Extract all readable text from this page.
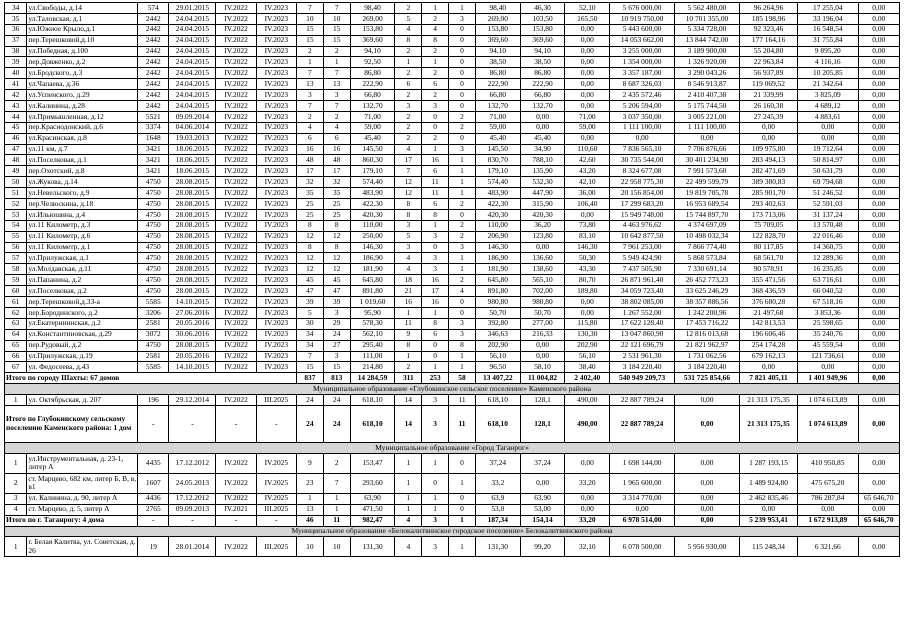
34	ул.Свободы, д.14	574	29.01.2015	IV.2022	IV.2023	7	7	98,40	2	1	1	98,40	46,30	52,10	5 676 000,00	5 562 480,00	96 264,96	17 255,04	0,00
35	ул.Таловская, д.1	2442	24.04.2015	IV.2022	IV.2023	10	10	269,00	5	2	3	269,00	103,50	165,50	10 919 750,00	10 701 355,00	185 198,96	33 196,04	0,00
36	ул.Южное Крыло,д.1	2442	24.04.2015	IV.2022	IV.2023	15	15	153,80	4	4	0	153,80	153,80	0,00	5 443 600,00	5 334 728,00	92 323,46	16 548,54	0,00
37	пер.Терешковой,д.10	2442	24.04.2015	IV.2022	IV.2023	15	15	369,60	8	8	0	369,60	369,60	0,00	14 053 662,00	13 844 742,00	177 164,16	31 755,84	0,00
38	ул.Победная, д.100	2442	24.04.2015	IV.2022	IV.2023	2	2	94,10	2	2	0	94,10	94,10	0,00	3 255 000,00	3 189 900,00	55 204,80	9 895,20	0,00
39	пер.Довженко, д.2	2442	24.04.2015	IV.2022	IV.2023	1	1	92,50	1	1	0	38,50	38,50	0,00	1 354 000,00	1 326 920,00	22 963,84	4 116,16	0,00
40	ул.Бродского, д.3	2442	24.04.2015	IV.2022	IV.2023	7	7	86,80	2	2	0	86,80	86,80	0,00	3 357 187,00	3 290 043,26	56 937,89	10 205,85	0,00
41	ул.Чапаева, д.36	2442	24.04.2015	IV.2022	IV.2023	13	13	222,90	6	6	0	222,90	222,90	0,00	8 687 326,03	8 546 913,87	119 069,52	21 342,64	0,00
42	ул.Успенского, д.29	2442	24.04.2015	IV.2022	IV.2023	3	3	66,80	2	2	0	66,80	66,80	0,00	2 435 572,46	2 410 407,38	21 339,99	3 825,09	0,00
43	ул.Калинина, д.28	2442	24.04.2015	IV.2022	IV.2023	7	7	132,70	3	3	0	132,70	132,70	0,00	5 206 594,00	5 175 744,50	26 160,38	4 689,12	0,00
44	ул.Примышленная, д.12	5521	09.09.2014	IV.2022	IV.2023	2	2	71,00	2	0	2	71,00	0,00	71,00	3 037 350,00	3 005 221,00	27 245,39	4 883,61	0,00
45	пер.Краснодонский, д.6	3374	04.06.2014	IV.2022	IV.2023	4	4	59,00	2	0	2	59,00	0,00	59,00	1 111 100,00	1 111 100,00	0,00	0,00	0,00
46	ул.Красинская, д.8	1648	19.03.2013	IV.2022	IV.2023	6	6	45,40	2	2	0	45,40	45,40	0,00	0,00	0,00	0,00	0,00	0,00
47	ул.11 км, д.7	3421	18.06.2015	IV.2022	IV.2023	16	16	145,50	4	1	3	145,50	34,90	110,60	7 836 565,10	7 706 876,66	109 975,80	19 712,64	0,00
48	ул.Поселковая, д.1	3421	18.06.2015	IV.2022	IV.2023	48	48	860,30	17	16	1	830,70	788,10	42,60	30 735 544,00	30 401 234,90	283 494,13	50 814,97	0,00
49	пер.Охотский, д.8	3421	18.06.2015	IV.2022	IV.2023	17	17	179,10	7	6	1	179,10	135,90	43,20	8 324 677,08	7 991 573,60	282 471,69	50 631,79	0,00
50	ул.Жукова, д.14	4750	28.08.2015	IV.2022	IV.2023	32	32	574,40	12	11	1	574,40	532,30	42,10	22 958 775,30	22 499 599,79	389 380,83	69 794,68	0,00
51	ул.Невельского, д.9	4750	28.08.2015	IV.2022	IV.2023	35	35	483,90	12	11	1	483,90	447,90	36,00	20 156 854,00	19 819 705,78	285 901,70	51 246,52	0,00
52	пер.Челюскина, д.18	4750	28.08.2015	IV.2022	IV.2023	25	25	422,30	8	6	2	422,30	315,90	106,40	17 299 683,20	16 953 689,54	293 402,63	52 591,03	0,00
53	ул.Ильюшина, д.4	4750	28.08.2015	IV.2022	IV.2023	25	25	420,30	8	8	0	420,30	420,30	0,00	15 949 748,00	15 744 897,70	173 713,06	31 137,24	0,00
54	ул.11 Километр, д.3	4750	28.08.2015	IV.2022	IV.2023	8	8	110,00	3	1	2	110,00	36,20	73,80	4 463 976,62	4 374 697,09	75 709,05	13 570,48	0,00
55	ул.11 Километр, д.6	4750	28.08.2015	IV.2022	IV.2023	12	12	250,00	5	3	2	206,90	123,80	83,10	10 642 877,50	10 498 032,34	122 828,70	22 016,46	0,00
56	ул.11 Километр, д.1	4750	28.08.2015	IV.2022	IV.2023	8	8	146,30	3	0	3	146,30	0,00	146,30	7 961 253,00	7 866 774,40	80 117,85	14 360,75	0,00
57	ул.Прилужская, д.1	4750	28.08.2015	IV.2022	IV.2023	12	12	186,90	4	3	1	186,90	136,60	50,30	5 949 424,90	5 868 573,84	68 561,70	12 289,36	0,00
58	ул.Молдавская, д.11	4750	28.08.2015	IV.2022	IV.2023	12	12	181,90	4	3	1	181,90	138,60	43,30	7 437 505,90	7 330 691,14	90 578,91	16 235,85	0,00
59	ул.Папанина, д.2	4750	28.08.2015	IV.2022	IV.2023	45	45	645,80	18	16	2	645,80	565,10	80,70	26 871 961,40	26 452 773,23	355 471,56	63 716,61	0,00
60	ул.Поселковая, д.2	4750	28.08.2015	IV.2022	IV.2023	47	47	891,80	21	17	4	891,80	702,00	189,80	34 059 723,40	33 625 246,29	368 436,59	66 040,52	0,00
61	пер.Терешковой,д.33-а	5585	14.10.2015	IV.2022	IV.2023	39	39	1 019,60	16	16	0	980,80	980,80	0,00	38 802 085,00	38 357 886,56	376 680,28	67 518,16	0,00
62	пер.Бородинского, д.2	3206	27.06.2016	IV.2022	IV.2023	5	3	95,90	1	1	0	50,70	50,70	0,00	1 267 552,00	1 242 200,96	21 497,68	3 853,36	0,00
63	ул.Екатерининская, д.2	2581	20.05.2016	IV.2022	IV.2023	30	29	578,30	11	8	3	392,80	277,00	115,80	17 622 128,40	17 453 716,22	142 813,53	25 598,65	0,00
64	ул.Константиновская, д.29	3072	30.06.2016	IV.2022	IV.2023	34	24	562,10	9	6	3	346,63	216,33	130,30	13 047 860,90	12 816 013,68	196 606,46	35 240,76	0,00
65	пер.Рудовый, д.2	4750	28.08.2015	IV.2022	IV.2023	34	27	295,40	8	0	8	202,90	0,00	202,90	22 121 696,79	21 821 962,97	254 174,28	45 559,54	0,00
66	ул.Прилужская, д.19	2581	20.05.2016	IV.2022	IV.2023	7	3	111,00	1	0	1	56,10	0,00	56,10	2 531 961,30	1 731 062,56	679 162,13	121 736,61	0,00
67	ул. Федосеева, д.43	5585	14.10.2015	IV.2022	IV.2023	15	15	214,80	2	1	1	96,50	58,10	38,40	3 184 220,40	3 184 220,40	0,00	0,00	0,00
Итого по городу Шахты: 67 домов						837	813	14 284,59	311	253	58	13 407,22	11 004,82	2 402,40	540 949 209,73	531 725 854,66	7 821 405,11	1 401 949,96	0,00
Муниципальное образование «Глубокинское сельское поселение» Каменского района																			
1	ул. Октябрьская, д. 207	196	29.12.2014	IV.2022	III.2025	24	24	618,10	14	3	11	618,10	128,1	490,00	22 887 789,24	0,00	21 313 175,35	1 074 613,89	0,00
Итого по Глубокинскому сельскому поселению Каменского района: 1 дом		-	-	-	-	24	24	618,10	14	3	11	618,10	128,1	490,00	22 887 789,24	0,00	21 313 175,35	1 074 613,89	0,00
Муниципальное образование «Город Таганрог»																			
1	ул.Инструментальная, д. 23-1, литер А	4435	17.12.2012	IV.2022	IV.2025	9	2	153,47	1	1	0	37,24	37,24	0,00	1 698 144,00	0,00	1 287 193,15	410 950,85	0,00
2	ст. Марцево, 682 км, литер Б, В, в, в1	1607	24.05.2013	IV.2022	IV.2025	23	7	293,60	1	0	1	33,2	0,00	33,20	1 965 600,00	0,00	1 489 924,80	475 675,20	0,00
3	ул. Калинина, д. 90, литер А	4436	17.12.2012	IV.2022	IV.2025	1	1	63,90	1	1	0	63,9	63,90	0,00	3 314 770,00	0,00	2 462 835,46	786 287,84	65 646,70
4	ст. Марцево, д. 5, литер А	2765	09.09.2013	IV.2021	III.2025	13	1	471,50	1	1	0	53,0	53,00	0,00	0,00	0,00	0,00	0,00	0,00
Итого по г. Таганрогу: 4 дома		-	-	-	-	46	11	982,47	4	3	1	187,34	154,14	33,20	6 978 514,00	0,00	5 239 953,41	1 672 913,89	65 646,70
Муниципальное образование «Белокалитвинское городское поселение» Белокалитвинского района																			
1	г. Белая Калитва, ул. Советская, д. 26	19	28.01.2014	IV.2022	III.2025	10	10	131,30	4	3	1	131,30	99,20	32,10	6 078 500,00	5 956 930,00	115 248,34	6 321,66	0,00
